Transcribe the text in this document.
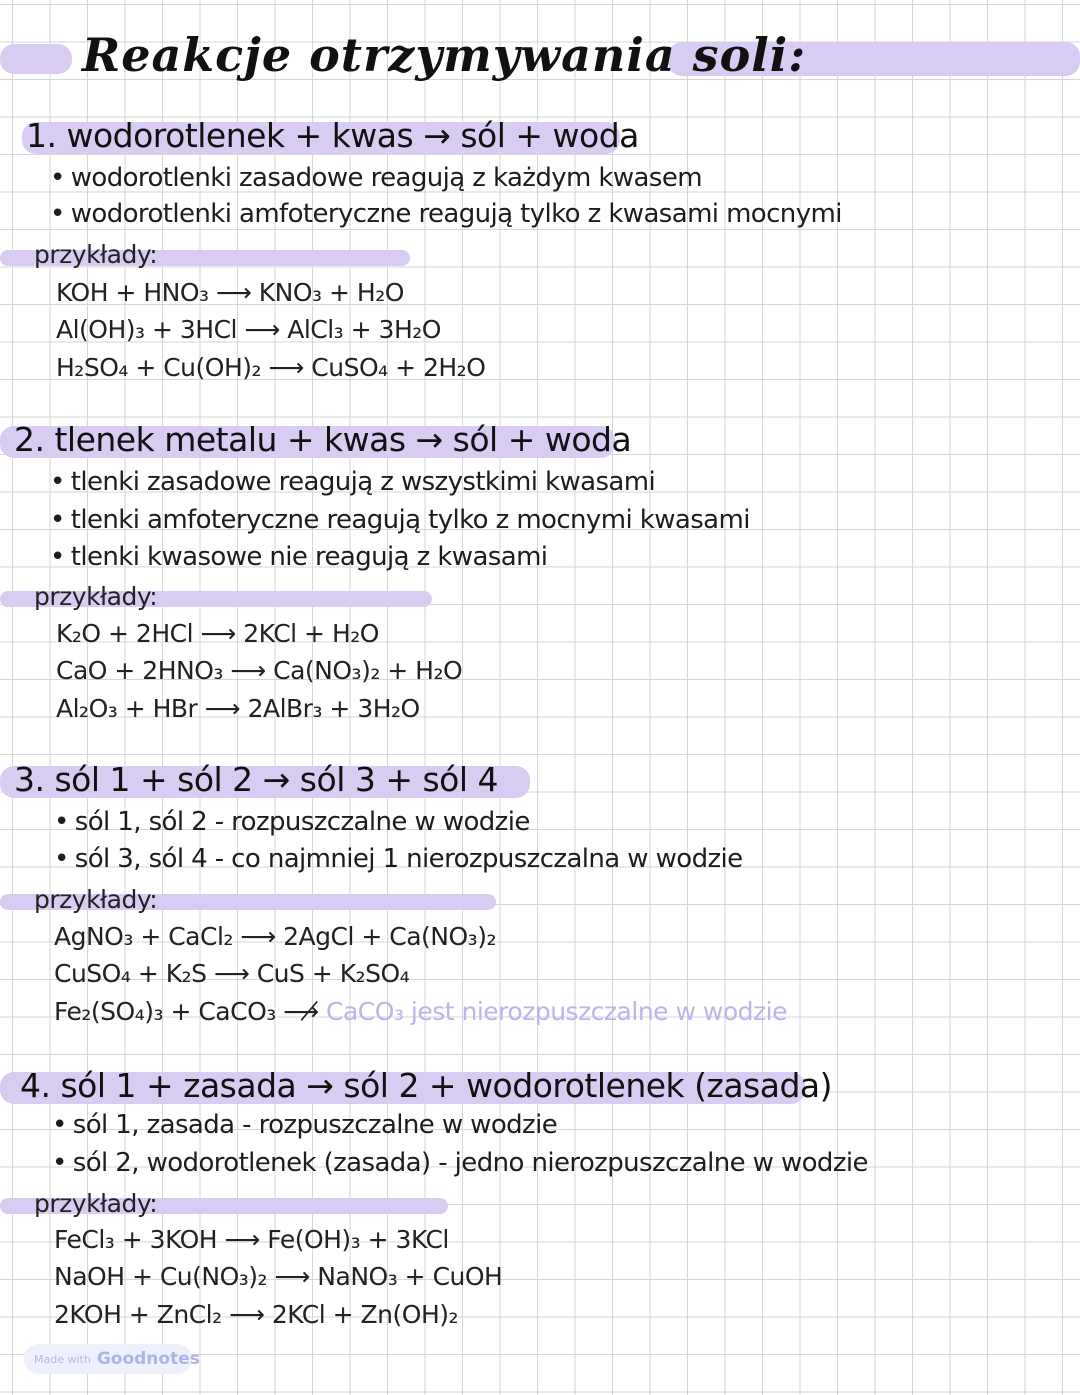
Reakcje otrzymywania soli:
1. wodorotlenek + kwas → sól + woda
• wodorotlenki zasadowe reagują z każdym kwasem
• wodorotlenki amfoteryczne reagują tylko z kwasami mocnymi
przykłady:
KOH + HNO₃ ⟶ KNO₃ + H₂O
Al(OH)₃ + 3HCl ⟶ AlCl₃ + 3H₂O
H₂SO₄ + Cu(OH)₂ ⟶ CuSO₄ + 2H₂O
2. tlenek metalu + kwas → sól + woda
• tlenki zasadowe reagują z wszystkimi kwasami
• tlenki amfoteryczne reagują tylko z mocnymi kwasami
• tlenki kwasowe nie reagują z kwasami
przykłady:
K₂O + 2HCl ⟶ 2KCl + H₂O
CaO + 2HNO₃ ⟶ Ca(NO₃)₂ + H₂O
Al₂O₃ + HBr ⟶ 2AlBr₃ + 3H₂O
3. sól 1 + sól 2 → sól 3 + sól 4
• sól 1, sól 2 - rozpuszczalne w wodzie
• sól 3, sól 4 - co najmniej 1 nierozpuszczalna w wodzie
przykłady:
AgNO₃ + CaCl₂ ⟶ 2AgCl + Ca(NO₃)₂
CuSO₄ + K₂S ⟶ CuS + K₂SO₄
Fe₂(SO₄)₃ + CaCO₃ ⟶̸ CaCO₃ jest nierozpuszczalne w wodzie
4. sól 1 + zasada → sól 2 + wodorotlenek (zasada)
• sól 1, zasada - rozpuszczalne w wodzie
• sól 2, wodorotlenek (zasada) - jedno nierozpuszczalne w wodzie
przykłady:
FeCl₃ + 3KOH ⟶ Fe(OH)₃ + 3KCl
NaOH + Cu(NO₃)₂ ⟶ NaNO₃ + CuOH
2KOH + ZnCl₂ ⟶ 2KCl + Zn(OH)₂
Made with Goodnotes
